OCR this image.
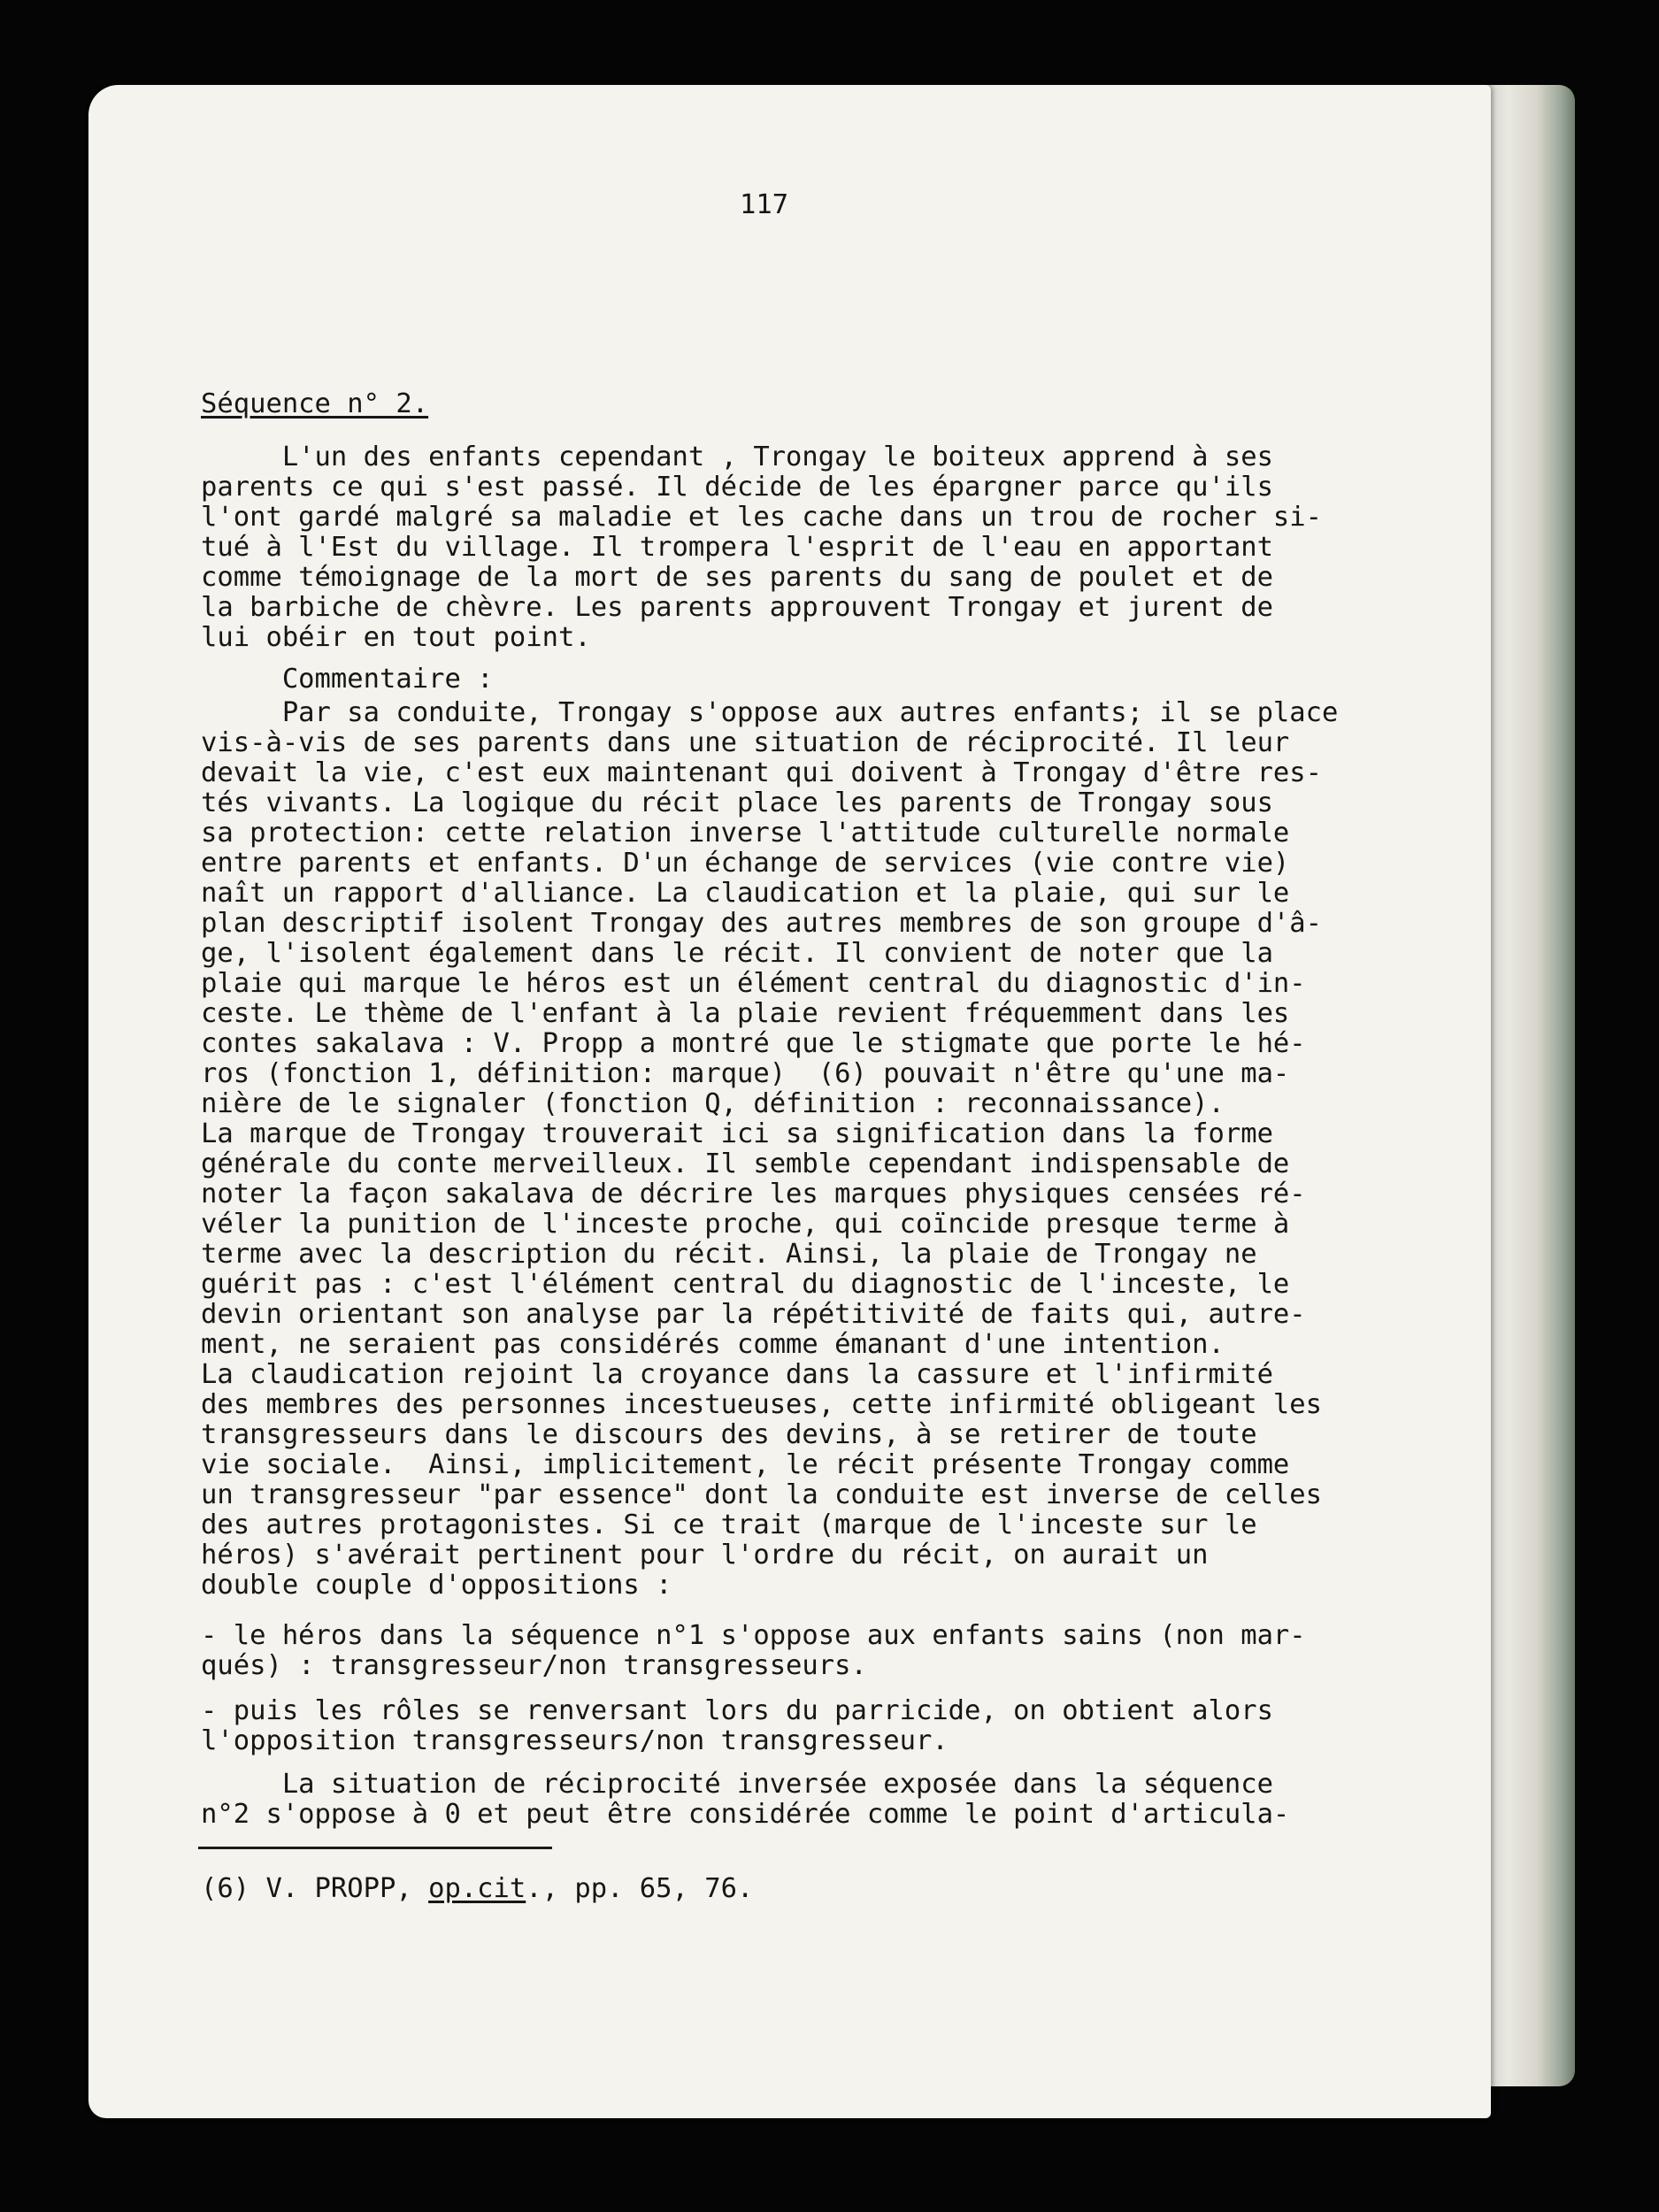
117

Séquence n° 2.

L'un des enfants cependant , Trongay le boiteux apprend à ses

parents ce qui s'est passé. Il décide de les épargner parce qu'ils

l'ont gardé malgré sa maladie et les cache dans un trou de rocher si-

tué à l'Est du village. Il trompera l'esprit de l'eau en apportant

comme témoignage de la mort de ses parents du sang de poulet et de

la barbiche de chèvre. Les parents approuvent Trongay et jurent de

lui obéir en tout point.

Commentaire :

Par sa conduite, Trongay s'oppose aux autres enfants; il se place

vis-à-vis de ses parents dans une situation de réciprocité. Il leur

devait la vie, c'est eux maintenant qui doivent à Trongay d'être res-

tés vivants. La logique du récit place les parents de Trongay sous

sa protection: cette relation inverse l'attitude culturelle normale

entre parents et enfants. D'un échange de services (vie contre vie)

naît un rapport d'alliance. La claudication et la plaie, qui sur le

plan descriptif isolent Trongay des autres membres de son groupe d'â-

ge, l'isolent également dans le récit. Il convient de noter que la

plaie qui marque le héros est un élément central du diagnostic d'in-

ceste. Le thème de l'enfant à la plaie revient fréquemment dans les

contes sakalava : V. Propp a montré que le stigmate que porte le hé-

ros (fonction 1, définition: marque)  (6) pouvait n'être qu'une ma-

nière de le signaler (fonction Q, définition : reconnaissance).

La marque de Trongay trouverait ici sa signification dans la forme

générale du conte merveilleux. Il semble cependant indispensable de

noter la façon sakalava de décrire les marques physiques censées ré-

véler la punition de l'inceste proche, qui coïncide presque terme à

terme avec la description du récit. Ainsi, la plaie de Trongay ne

guérit pas : c'est l'élément central du diagnostic de l'inceste, le

devin orientant son analyse par la répétitivité de faits qui, autre-

ment, ne seraient pas considérés comme émanant d'une intention.

La claudication rejoint la croyance dans la cassure et l'infirmité

des membres des personnes incestueuses, cette infirmité obligeant les

transgresseurs dans le discours des devins, à se retirer de toute

vie sociale.  Ainsi, implicitement, le récit présente Trongay comme

un transgresseur "par essence" dont la conduite est inverse de celles

des autres protagonistes. Si ce trait (marque de l'inceste sur le

héros) s'avérait pertinent pour l'ordre du récit, on aurait un

double couple d'oppositions :

- le héros dans la séquence n°1 s'oppose aux enfants sains (non mar-

qués) : transgresseur/non transgresseurs.

- puis les rôles se renversant lors du parricide, on obtient alors

l'opposition transgresseurs/non transgresseur.

La situation de réciprocité inversée exposée dans la séquence

n°2 s'oppose à 0 et peut être considérée comme le point d'articula-

(6) V. PROPP, op.cit., pp. 65, 76.
